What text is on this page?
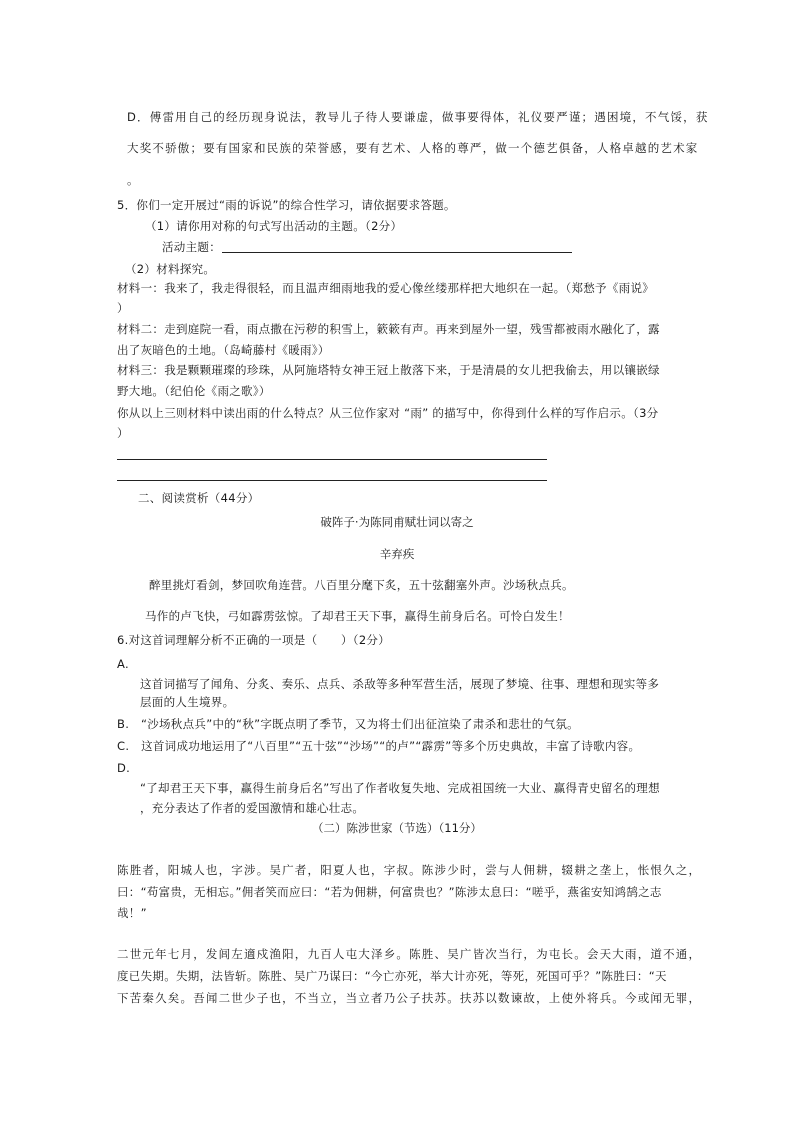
D．傅雷用自己的经历现身说法，教导儿子待人要谦虚，做事要得体，礼仪要严谨；遇困境，不气馁，获
大奖不骄傲；要有国家和民族的荣誉感，要有艺术、人格的尊严，做一个德艺俱备，人格卓越的艺术家
。
5．你们一定开展过“雨的诉说”的综合性学习，请依据要求答题。
（1）请你用对称的句式写出活动的主题。（2分）
活动主题：
（2）材料探究。
材料一：我来了，我走得很轻，而且温声细雨地我的爱心像丝缕那样把大地织在一起。（郑愁予《雨说》
）
材料二：走到庭院一看，雨点撒在污秽的积雪上，簌簌有声。再来到屋外一望，残雪都被雨水融化了，露
出了灰暗色的土地。（岛崎藤村《暖雨》）
材料三：我是颗颗璀璨的珍珠，从阿施塔特女神王冠上散落下来，于是清晨的女儿把我偷去，用以镶嵌绿
野大地。（纪伯伦《雨之歌》）
你从以上三则材料中读出雨的什么特点？从三位作家对 “雨” 的描写中，你得到什么样的写作启示。（3分
）
二、阅读赏析（44分）
破阵子·为陈同甫赋壮词以寄之
辛弃疾
醉里挑灯看剑，梦回吹角连营。八百里分麾下炙，五十弦翻塞外声。沙场秋点兵。
马作的卢飞快，弓如霹雳弦惊。了却君王天下事，赢得生前身后名。可怜白发生！
6.对这首词理解分析不正确的一项是（　　）（2分）
A.
这首词描写了闻角、分炙、奏乐、点兵、杀敌等多种军营生活，展现了梦境、往事、理想和现实等多
层面的人生境界。
B.　“沙场秋点兵”中的“秋”字既点明了季节，又为将士们出征渲染了肃杀和悲壮的气氛。
C.　这首词成功地运用了“八百里”“五十弦”“沙场”“的卢”“霹雳”等多个历史典故，丰富了诗歌内容。
D.
“了却君王天下事，赢得生前身后名”写出了作者收复失地、完成祖国统一大业、赢得青史留名的理想
，充分表达了作者的爱国激情和雄心壮志。
（二）陈涉世家（节选）（11分）
陈胜者，阳城人也，字涉。吴广者，阳夏人也，字叔。陈涉少时，尝与人佣耕，辍耕之垄上，怅恨久之，
曰：“苟富贵，无相忘。”佣者笑而应曰：“若为佣耕，何富贵也？”陈涉太息曰：“嗟乎，燕雀安知鸿鹄之志
哉！”
二世元年七月，发闾左適戍渔阳，九百人屯大泽乡。陈胜、吴广皆次当行，为屯长。会天大雨，道不通，
度已失期。失期，法皆斩。陈胜、吴广乃谋曰：“今亡亦死，举大计亦死，等死，死国可乎？”陈胜曰：“天
下苦秦久矣。吾闻二世少子也，不当立，当立者乃公子扶苏。扶苏以数谏故，上使外将兵。今或闻无罪，
